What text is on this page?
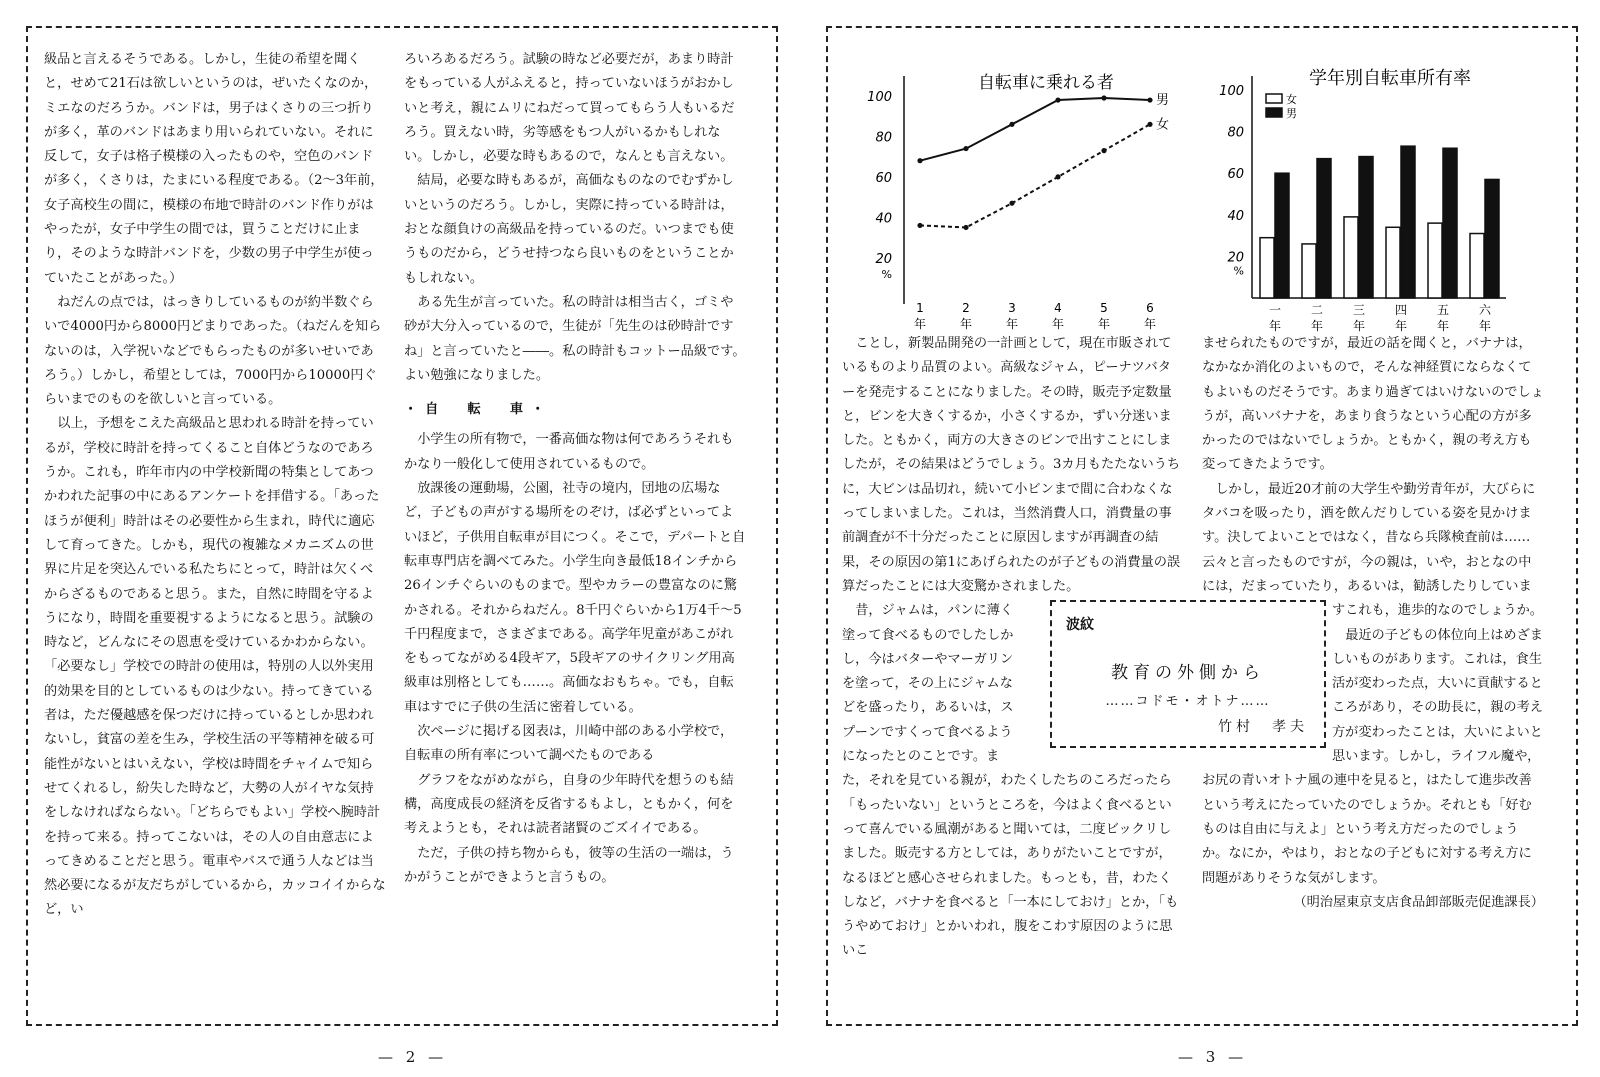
級品と言えるそうである。しかし，生徒の希望を聞くと，せめて21石は欲しいというのは，ぜいたくなのか，ミエなのだろうか。バンドは，男子はくさりの三つ折りが多く，革のバンドはあまり用いられていない。それに反して，女子は格子模様の入ったものや，空色のバンドが多く，くさりは，たまにいる程度である。（2～3年前，女子高校生の間に，模様の布地で時計のバンド作りがはやったが，女子中学生の間では，買うことだけに止まり，そのような時計バンドを，少数の男子中学生が使っていたことがあった。）

ねだんの点では，はっきりしているものが約半数ぐらいで4000円から8000円どまりであった。（ねだんを知らないのは，入学祝いなどでもらったものが多いせいであろう。）しかし，希望としては，7000円から10000円ぐらいまでのものを欲しいと言っている。

以上，予想をこえた高級品と思われる時計を持っているが，学校に時計を持ってくること自体どうなのであろうか。これも，昨年市内の中学校新聞の特集としてあつかわれた記事の中にあるアンケートを拝借する。「あったほうが便利」時計はその必要性から生まれ，時代に適応して育ってきた。しかも，現代の複雑なメカニズムの世界に片足を突込んでいる私たちにとって，時計は欠くべからざるものであると思う。また，自然に時間を守るようになり，時間を重要視するようになると思う。試験の時など，どんなにその恩恵を受けているかわからない。「必要なし」学校での時計の使用は，特別の人以外実用的効果を目的としているものは少ない。持ってきている者は，ただ優越感を保つだけに持っているとしか思われないし，貧富の差を生み，学校生活の平等精神を破る可能性がないとはいえない，学校は時間をチャイムで知らせてくれるし，紛失した時など，大勢の人がイヤな気持をしなければならない。「どちらでもよい」学校へ腕時計を持って来る。持ってこないは，その人の自由意志によってきめることだと思う。電車やバスで通う人などは当然必要になるが友だちがしているから，カッコイイからなど，い

ろいろあるだろう。試験の時など必要だが，あまり時計をもっている人がふえると，持っていないほうがおかしいと考え，親にムリにねだって買ってもらう人もいるだろう。買えない時，劣等感をもつ人がいるかもしれない。しかし，必要な時もあるので，なんとも言えない。

結局，必要な時もあるが，高価なものなのでむずかしいというのだろう。しかし，実際に持っている時計は，おとな顔負けの高級品を持っているのだ。いつまでも使うものだから，どうせ持つなら良いものをということかもしれない。

ある先生が言っていた。私の時計は相当古く，ゴミや砂が大分入っているので，生徒が「先生のは砂時計ですね」と言っていたと――。私の時計もコットー品級です。よい勉強になりました。

・自　転　車・

小学生の所有物で，一番高価な物は何であろうそれもかなり一般化して使用されているもので。

放課後の運動場，公園，社寺の境内，団地の広場など，子どもの声がする場所をのぞけ，ば必ずといってよいほど，子供用自転車が目につく。そこで，デパートと自転車専門店を調べてみた。小学生向き最低18インチから26インチぐらいのものまで。型やカラーの豊富なのに驚かされる。それからねだん。8千円ぐらいから1万4千～5千円程度まで，さまざまである。高学年児童があこがれをもってながめる4段ギア，5段ギアのサイクリング用高級車は別格としても……。高価なおもちゃ。でも，自転車はすでに子供の生活に密着している。

次ページに掲げる図表は，川崎中部のある小学校で，自転車の所有率について調べたものである

グラフをながめながら，自身の少年時代を想うのも結構，高度成長の経済を反省するもよし，ともかく，何を考えようとも，それは読者諸賢のごズイイである。

ただ，子供の持ち物からも，彼等の生活の一端は，うかがうことができようと言うもの。

— 2 —
自転車に乗れる者
20
40
60
80
100
%
1
年
2
年
3
年
4
年
5
年
6
年
男
女
学年別自転車所有率
女
男
20
40
60
80
100
%
一
年
二
年
三
年
四
年
五
年
六
年

ことし，新製品開発の一計画として，現在市販されているものより品質のよい。高級なジャム，ピーナツバターを発売することになりました。その時，販売予定数量と，ビンを大きくするか，小さくするか，ずい分迷いました。ともかく，両方の大きさのビンで出すことにしましたが，その結果はどうでしょう。3カ月もたたないうちに，大ビンは品切れ，続いて小ビンまで間に合わなくなってしまいました。これは，当然消費人口，消費量の事前調査が不十分だったことに原因しますが再調査の結果，その原因の第1にあげられたのが子どもの消費量の誤算だったことには大変驚かされました。

昔，ジャムは，パンに薄く塗って食べるものでしたしかし，今はバターやマーガリンを塗って，その上にジャムなどを盛ったり，あるいは，スプーンですくって食べるようになったとのことです。また，それを見ている親が，わたくしたちのころだったら「もったいない」というところを，今はよく食べるといって喜んでいる風潮があると聞いては，二度ビックリしました。販売する方としては，ありがたいことですが，なるほどと感心させられました。もっとも，昔，わたくしなど，バナナを食べると「一本にしておけ」とか，「もうやめておけ」とかいわれ，腹をこわす原因のように思いこ

ませられたものですが，最近の話を聞くと，バナナは，なかなか消化のよいもので，そんな神経質にならなくてもよいものだそうです。あまり過ぎてはいけないのでしょうが，高いバナナを，あまり食うなという心配の方が多かったのではないでしょうか。ともかく，親の考え方も変ってきたようです。

しかし，最近20才前の大学生や勤労青年が，大びらにタバコを吸ったり，酒を飲んだりしている姿を見かけます。決してよいことではなく，昔なら兵隊検査前は……云々と言ったものですが，今の親は，いや，おとなの中には，だまっていたり，あるいは，勧誘したりしていますこれも，進歩的なのでしょうか。

最近の子どもの体位向上はめざましいものがあります。これは，食生活が変わった点，大いに貢献するところがあり，その助長に，親の考え方が変わったことは，大いによいと思います。しかし，ライフル魔や，お尻の青いオトナ風の連中を見ると，はたして進歩改善という考えにたっていたのでしょうか。それとも「好むものは自由に与えよ」という考え方だったのでしょうか。なにか，やはり，おとなの子どもに対する考え方に問題がありそうな気がします。

（明治屋東京支店食品卸部販売促進課長）

波紋
教育の外側から
……コドモ・オトナ……
竹村　孝夫
— 3 —
